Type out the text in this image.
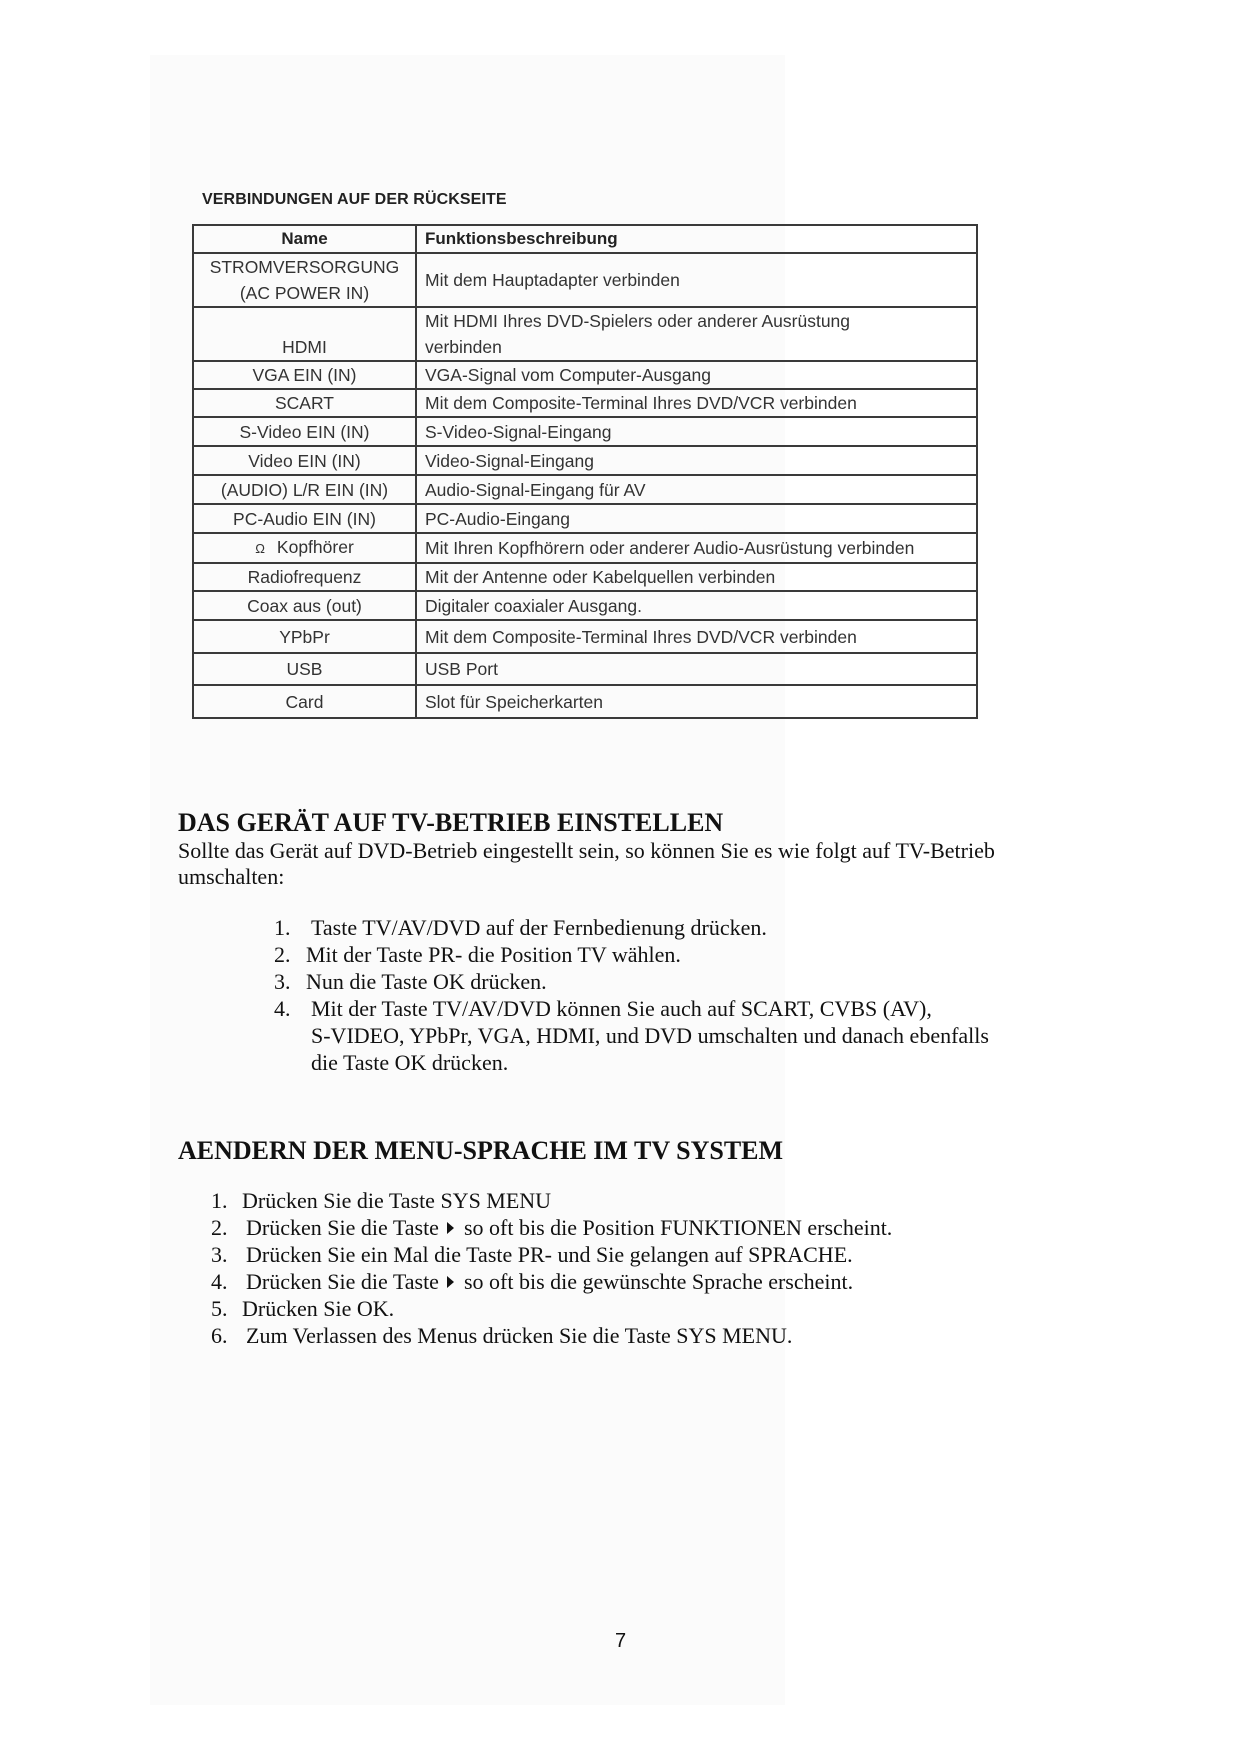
VERBINDUNGEN AUF DER RÜCKSEITE
Name	Funktionsbeschreibung

STROMVERSORGUNG
(AC POWER IN)	Mit dem Hauptadapter verbinden
HDMI	Mit HDMI Ihres DVD-Spielers oder anderer Ausrüstung
verbinden

VGA EIN (IN)	VGA-Signal vom Computer-Ausgang
SCART	Mit dem Composite-Terminal Ihres DVD/VCR verbinden
S-Video EIN (IN)	S-Video-Signal-Eingang
Video EIN (IN)	Video-Signal-Eingang
(AUDIO) L/R EIN (IN)	Audio-Signal-Eingang für AV
PC-Audio EIN (IN)	PC-Audio-Eingang
Ω Kopfhörer	Mit Ihren Kopfhörern oder anderer Audio-Ausrüstung verbinden
Radiofrequenz	Mit der Antenne oder Kabelquellen verbinden
Coax aus (out)	Digitaler coaxialer Ausgang.
YPbPr	Mit dem Composite-Terminal Ihres DVD/VCR verbinden
USB	USB Port
Card	Slot für Speicherkarten
DAS GERÄT AUF TV-BETRIEB EINSTELLEN

Sollte das Gerät auf DVD-Betrieb eingestellt sein, so können Sie es wie folgt auf TV-Betrieb

umschalten:

1. Taste TV/AV/DVD auf der Fernbedienung drücken.
2. Mit der Taste PR- die Position TV wählen.
3. Nun die Taste OK drücken.
4. Mit der Taste TV/AV/DVD können Sie auch auf SCART, CVBS (AV),
S-VIDEO, YPbPr, VGA, HDMI, und DVD umschalten und danach ebenfalls
die Taste OK drücken.
AENDERN DER MENU-SPRACHE IM TV SYSTEM
1. Drücken Sie die Taste SYS MENU
2. Drücken Sie die Taste so oft bis die Position FUNKTIONEN erscheint.
3. Drücken Sie ein Mal die Taste PR- und Sie gelangen auf SPRACHE.
4. Drücken Sie die Taste so oft bis die gewünschte Sprache erscheint.
5. Drücken Sie OK.
6. Zum Verlassen des Menus drücken Sie die Taste SYS MENU.
7
